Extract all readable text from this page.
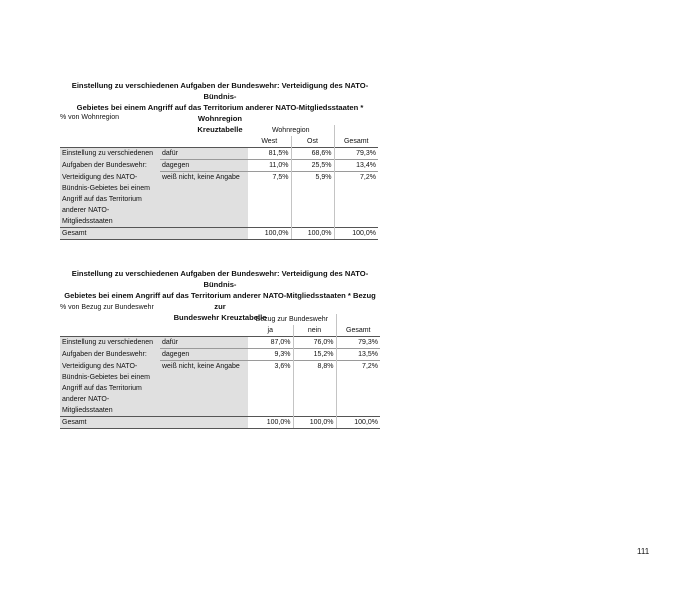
Einstellung zu verschiedenen Aufgaben der Bundeswehr: Verteidigung des NATO-Bündnis-
Gebietes bei einem Angriff auf das Territorium anderer NATO-Mitgliedsstaaten * Wohnregion
Kreuztabelle
% von Wohnregion
		Wohnregion		
		West	Ost	Gesamt
Einstellung zu verschiedenen	dafür	81,5%	68,6%	79,3%
Aufgaben der Bundeswehr:	dagegen	11,0%	25,5%	13,4%
Verteidigung des NATO-	weiß nicht, keine Angabe	7,5%	5,9%	7,2%
Bündnis-Gebietes bei einem				
Angriff auf das Territorium				
anderer NATO-				
Mitgliedsstaaten				
Gesamt		100,0%	100,0%	100,0%
Einstellung zu verschiedenen Aufgaben der Bundeswehr: Verteidigung des NATO-Bündnis-
Gebietes bei einem Angriff auf das Territorium anderer NATO-Mitgliedsstaaten * Bezug zur
Bundeswehr Kreuztabelle
% von Bezug zur Bundeswehr
		Bezug zur Bundeswehr		
		ja	nein	Gesamt
Einstellung zu verschiedenen	dafür	87,0%	76,0%	79,3%
Aufgaben der Bundeswehr:	dagegen	9,3%	15,2%	13,5%
Verteidigung des NATO-	weiß nicht, keine Angabe	3,6%	8,8%	7,2%
Bündnis-Gebietes bei einem				
Angriff auf das Territorium				
anderer NATO-				
Mitgliedsstaaten				
Gesamt		100,0%	100,0%	100,0%
111
